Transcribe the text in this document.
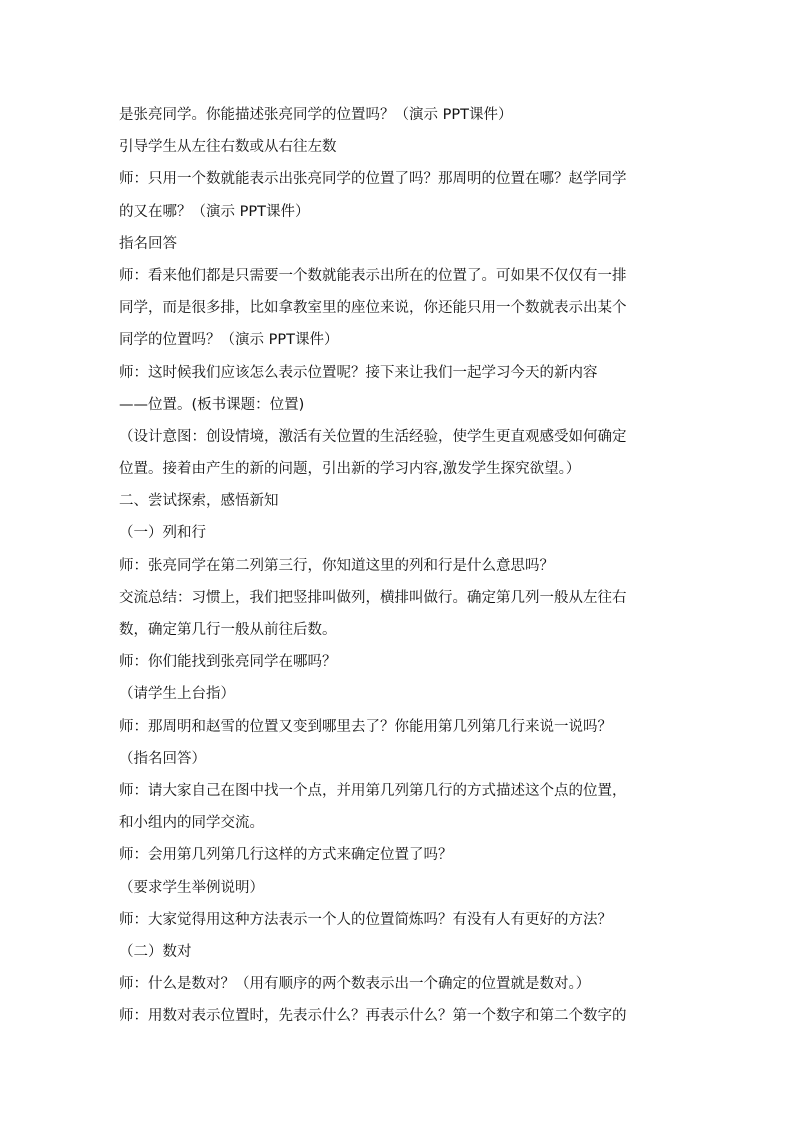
是张亮同学。你能描述张亮同学的位置吗？（演示 PPT课件）
引导学生从左往右数或从右往左数
师：只用一个数就能表示出张亮同学的位置了吗？那周明的位置在哪？赵学同学
的又在哪？（演示 PPT课件）
指名回答
师：看来他们都是只需要一个数就能表示出所在的位置了。可如果不仅仅有一排
同学，而是很多排，比如拿教室里的座位来说，你还能只用一个数就表示出某个
同学的位置吗？（演示 PPT课件）
师：这时候我们应该怎么表示位置呢？接下来让我们一起学习今天的新内容
——位置。(板书课题：位置)
（设计意图：创设情境，激活有关位置的生活经验，使学生更直观感受如何确定
位置。接着由产生的新的问题，引出新的学习内容,激发学生探究欲望。）
二、尝试探索，感悟新知
（一）列和行
师：张亮同学在第二列第三行，你知道这里的列和行是什么意思吗？
交流总结：习惯上，我们把竖排叫做列，横排叫做行。确定第几列一般从左往右
数，确定第几行一般从前往后数。
师：你们能找到张亮同学在哪吗？
（请学生上台指）
师：那周明和赵雪的位置又变到哪里去了？你能用第几列第几行来说一说吗？
（指名回答）
师：请大家自己在图中找一个点，并用第几列第几行的方式描述这个点的位置，
和小组内的同学交流。
师：会用第几列第几行这样的方式来确定位置了吗？
（要求学生举例说明）
师：大家觉得用这种方法表示一个人的位置简炼吗？有没有人有更好的方法？
（二）数对
师：什么是数对？（用有顺序的两个数表示出一个确定的位置就是数对。）
师：用数对表示位置时，先表示什么？再表示什么？第一个数字和第二个数字的
